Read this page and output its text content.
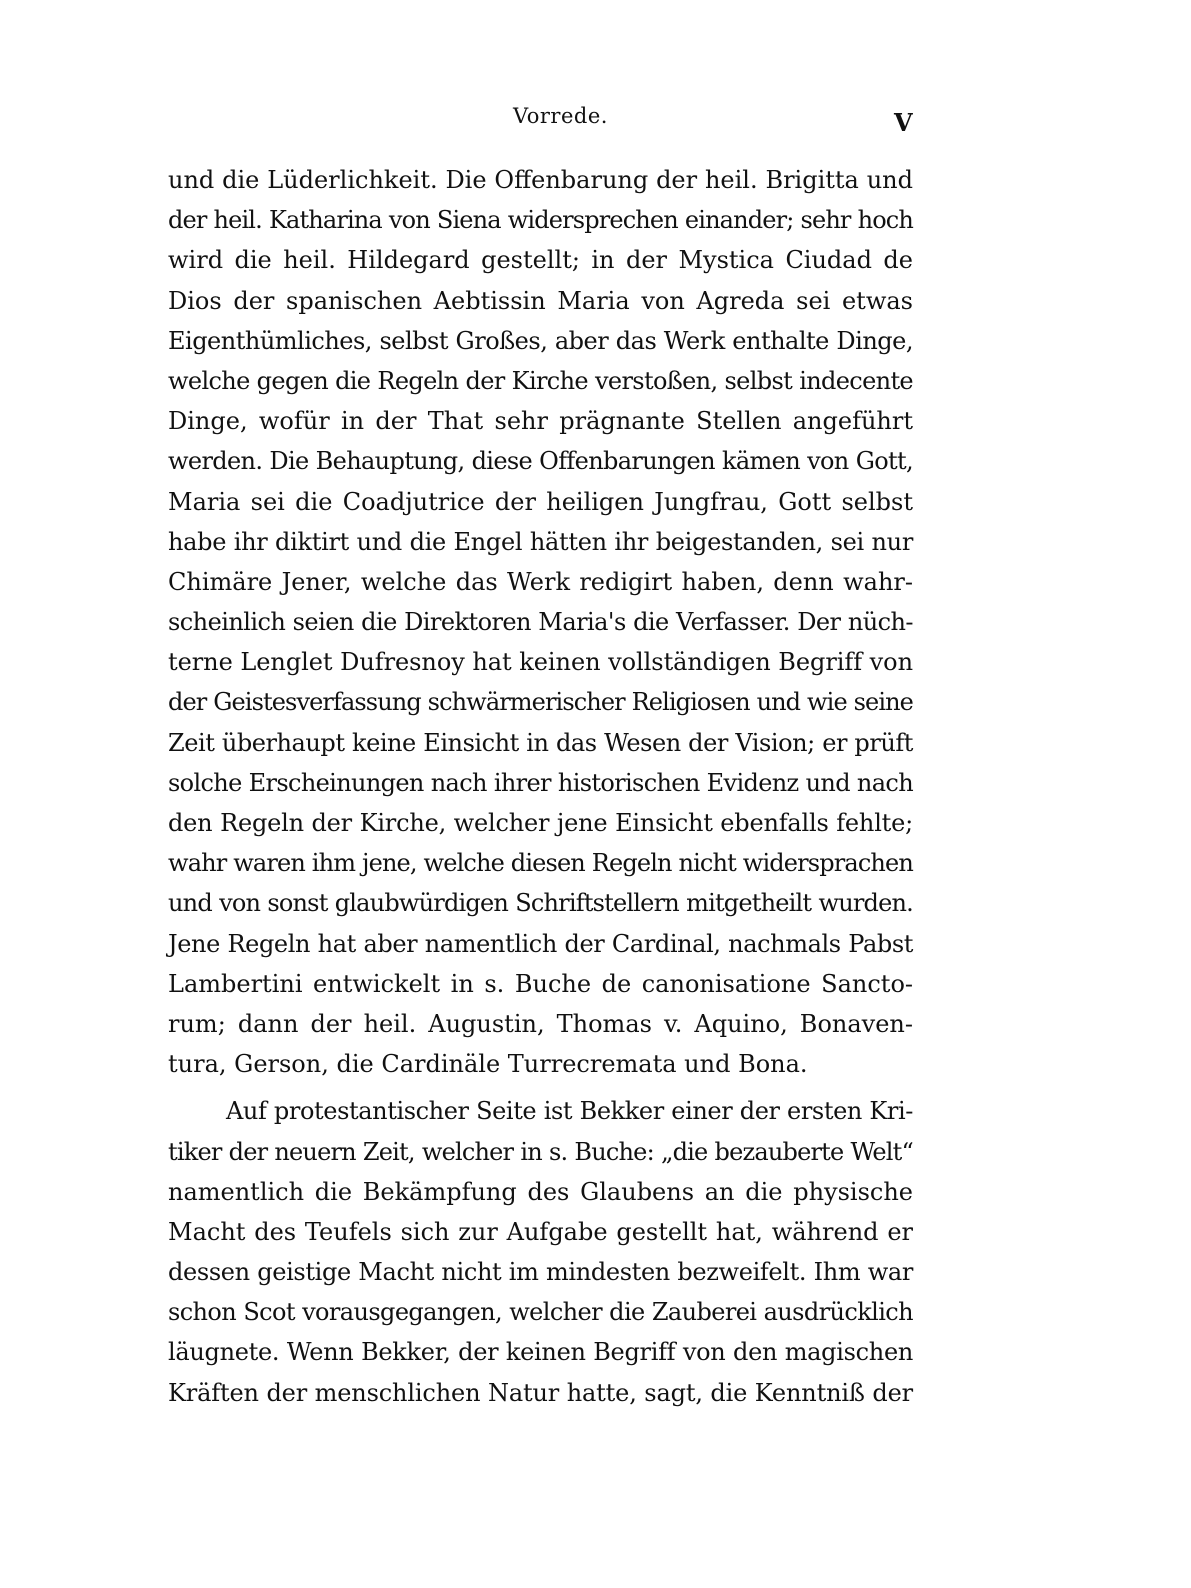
Vorrede.	V
und die Lüderlichkeit. Die Offenbarung der heil. Brigitta und
der heil. Katharina von Siena widersprechen einander; sehr hoch
wird die heil. Hildegard gestellt; in der Mystica Ciudad de
Dios der spanischen Aebtissin Maria von Agreda sei etwas
Eigenthümliches, selbst Großes, aber das Werk enthalte Dinge,
welche gegen die Regeln der Kirche verstoßen, selbst indecente
Dinge, wofür in der That sehr prägnante Stellen angeführt
werden. Die Behauptung, diese Offenbarungen kämen von Gott,
Maria sei die Coadjutrice der heiligen Jungfrau, Gott selbst
habe ihr diktirt und die Engel hätten ihr beigestanden, sei nur
Chimäre Jener, welche das Werk redigirt haben, denn wahr-
scheinlich seien die Direktoren Maria's die Verfasser. Der nüch-
terne Lenglet Dufresnoy hat keinen vollständigen Begriff von
der Geistesverfassung schwärmerischer Religiosen und wie seine
Zeit überhaupt keine Einsicht in das Wesen der Vision; er prüft
solche Erscheinungen nach ihrer historischen Evidenz und nach
den Regeln der Kirche, welcher jene Einsicht ebenfalls fehlte;
wahr waren ihm jene, welche diesen Regeln nicht widersprachen
und von sonst glaubwürdigen Schriftstellern mitgetheilt wurden.
Jene Regeln hat aber namentlich der Cardinal, nachmals Pabst
Lambertini entwickelt in s. Buche de canonisatione Sancto-
rum; dann der heil. Augustin, Thomas v. Aquino, Bonaven-
tura, Gerson, die Cardinäle Turrecremata und Bona.
Auf protestantischer Seite ist Bekker einer der ersten Kri-
tiker der neuern Zeit, welcher in s. Buche: „die bezauberte Welt“
namentlich die Bekämpfung des Glaubens an die physische
Macht des Teufels sich zur Aufgabe gestellt hat, während er
dessen geistige Macht nicht im mindesten bezweifelt. Ihm war
schon Scot vorausgegangen, welcher die Zauberei ausdrücklich
läugnete. Wenn Bekker, der keinen Begriff von den magischen
Kräften der menschlichen Natur hatte, sagt, die Kenntniß der
